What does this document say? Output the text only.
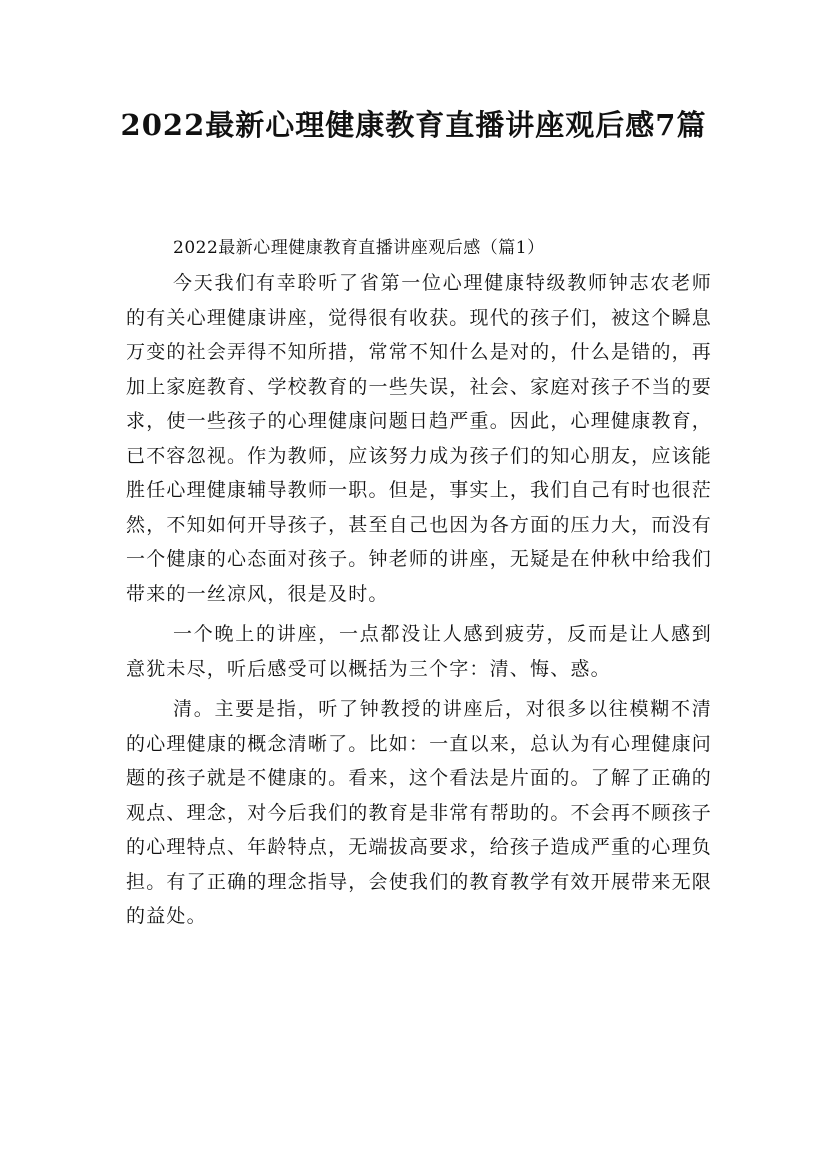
2022最新心理健康教育直播讲座观后感7篇

2022最新心理健康教育直播讲座观后感（篇1）

今天我们有幸聆听了省第一位心理健康特级教师钟志农老师的有关心理健康讲座，觉得很有收获。现代的孩子们，被这个瞬息万变的社会弄得不知所措，常常不知什么是对的，什么是错的，再加上家庭教育、学校教育的一些失误，社会、家庭对孩子不当的要求，使一些孩子的心理健康问题日趋严重。因此，心理健康教育，已不容忽视。作为教师，应该努力成为孩子们的知心朋友，应该能胜任心理健康辅导教师一职。但是，事实上，我们自己有时也很茫然，不知如何开导孩子，甚至自己也因为各方面的压力大，而没有一个健康的心态面对孩子。钟老师的讲座，无疑是在仲秋中给我们带来的一丝凉风，很是及时。

一个晚上的讲座，一点都没让人感到疲劳，反而是让人感到意犹未尽，听后感受可以概括为三个字：清、悔、惑。

清。主要是指，听了钟教授的讲座后，对很多以往模糊不清的心理健康的概念清晰了。比如：一直以来，总认为有心理健康问题的孩子就是不健康的。看来，这个看法是片面的。了解了正确的观点、理念，对今后我们的教育是非常有帮助的。不会再不顾孩子的心理特点、年龄特点，无端拔高要求，给孩子造成严重的心理负担。有了正确的理念指导，会使我们的教育教学有效开展带来无限的益处。
